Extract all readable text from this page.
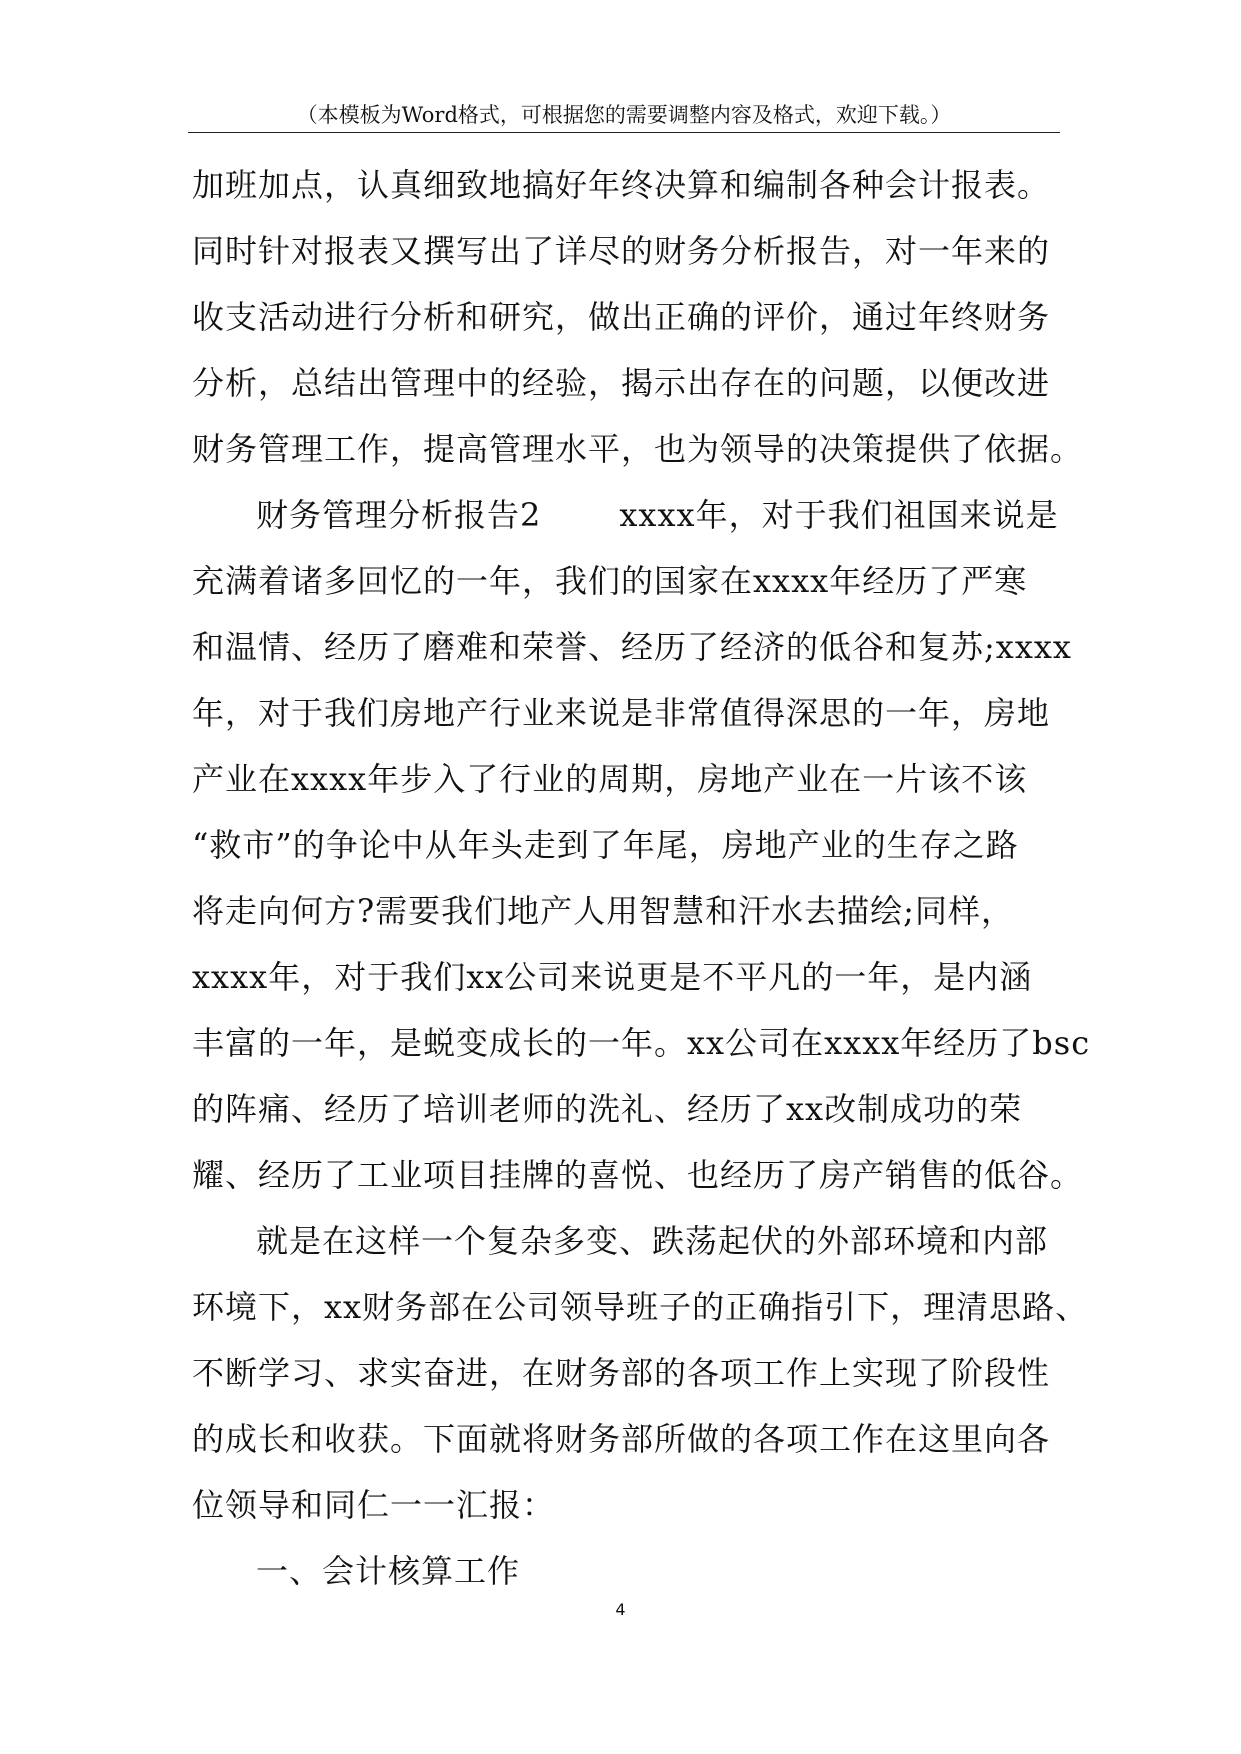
（本模板为Word格式，可根据您的需要调整内容及格式，欢迎下载。）
加班加点，认真细致地搞好年终决算和编制各种会计报表。
同时针对报表又撰写出了详尽的财务分析报告，对一年来的
收支活动进行分析和研究，做出正确的评价，通过年终财务
分析，总结出管理中的经验，揭示出存在的问题，以便改进
财务管理工作，提高管理水平，也为领导的决策提供了依据。
财务管理分析报告2 xxxx年，对于我们祖国来说是
充满着诸多回忆的一年，我们的国家在xxxx年经历了严寒
和温情、经历了磨难和荣誉、经历了经济的低谷和复苏;xxxx
年，对于我们房地产行业来说是非常值得深思的一年，房地
产业在xxxx年步入了行业的周期，房地产业在一片该不该
“救市”的争论中从年头走到了年尾，房地产业的生存之路
将走向何方?需要我们地产人用智慧和汗水去描绘;同样，
xxxx年，对于我们xx公司来说更是不平凡的一年，是内涵
丰富的一年，是蜕变成长的一年。xx公司在xxxx年经历了bsc
的阵痛、经历了培训老师的洗礼、经历了xx改制成功的荣
耀、经历了工业项目挂牌的喜悦、也经历了房产销售的低谷。
就是在这样一个复杂多变、跌荡起伏的外部环境和内部
环境下，xx财务部在公司领导班子的正确指引下，理清思路、
不断学习、求实奋进，在财务部的各项工作上实现了阶段性
的成长和收获。下面就将财务部所做的各项工作在这里向各
位领导和同仁一一汇报：
一、会计核算工作
4
